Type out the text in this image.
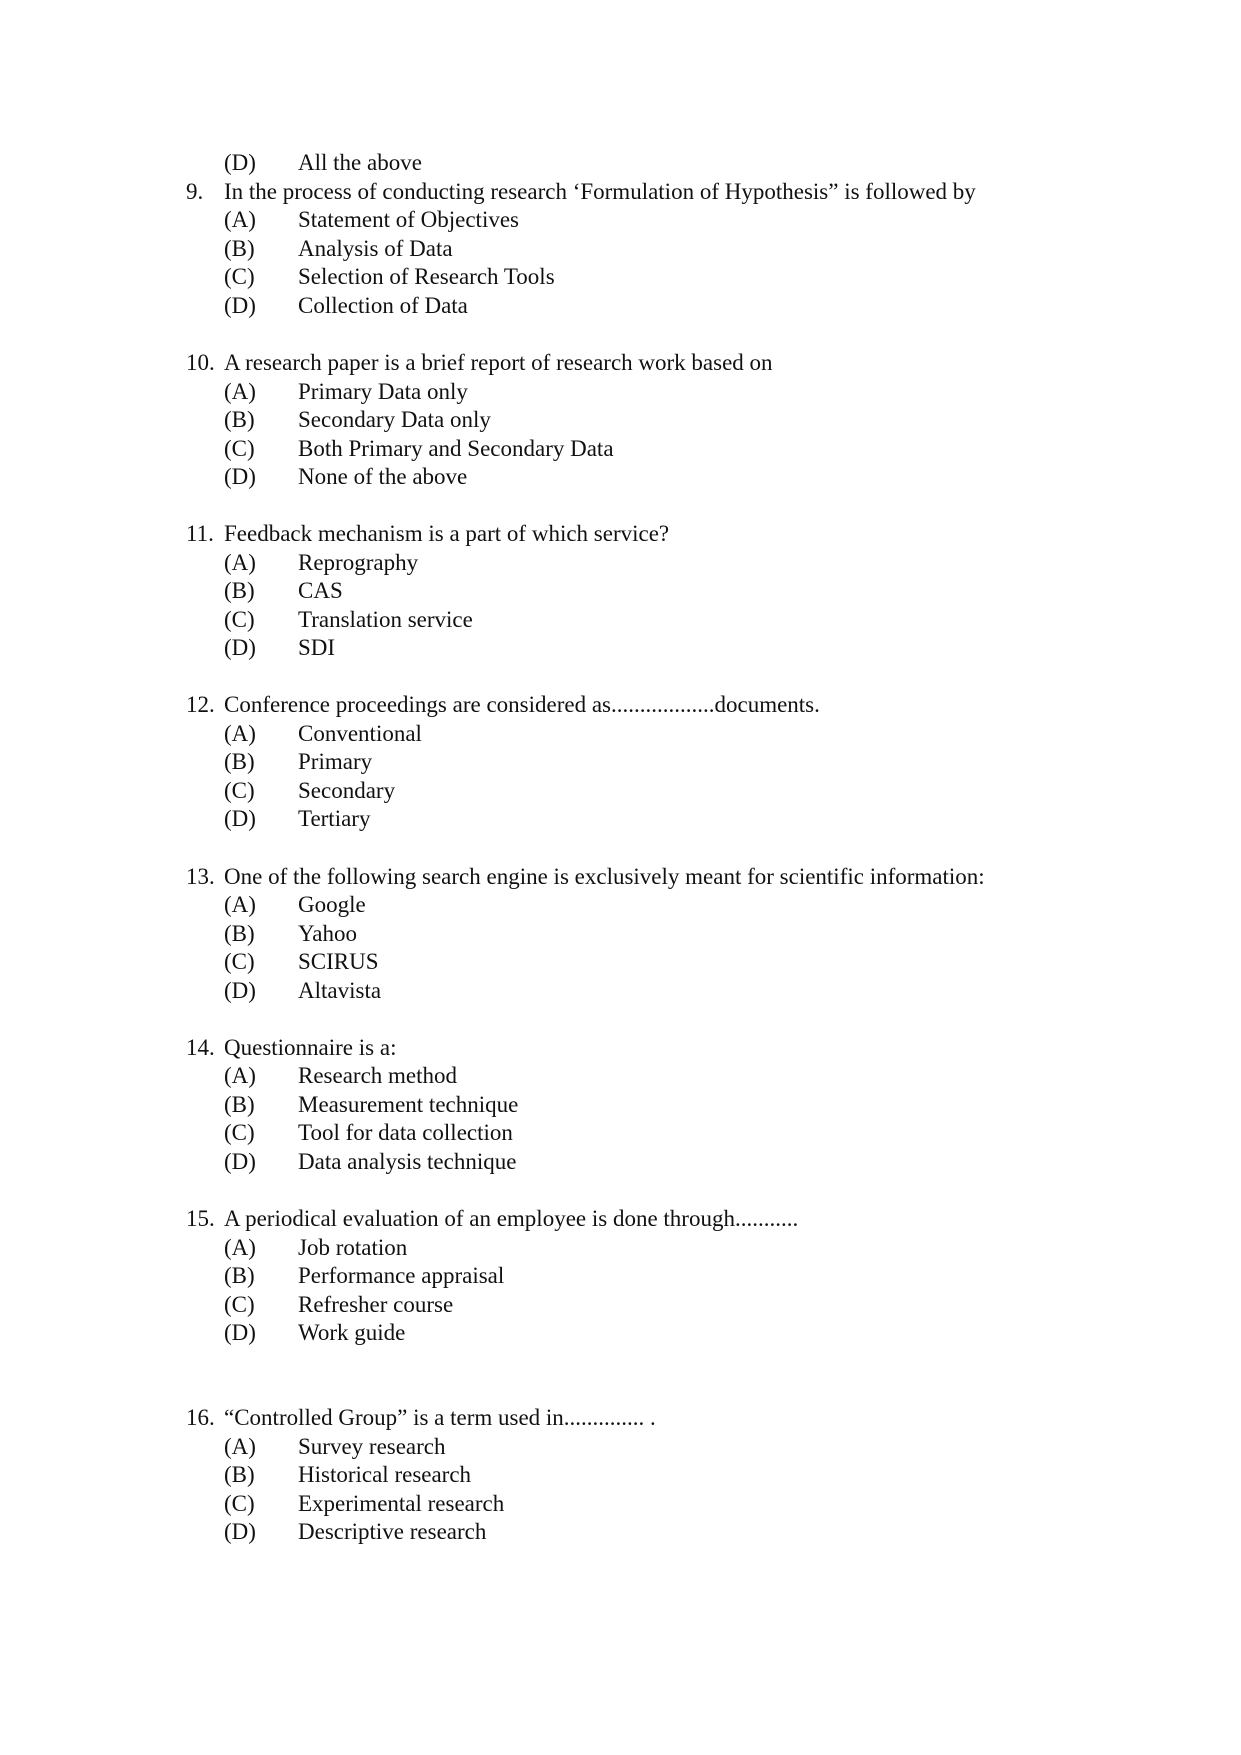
(D) All the above
9. In the process of conducting research ‘Formulation of Hypothesis” is followed by
(A) Statement of Objectives
(B) Analysis of Data
(C) Selection of Research Tools
(D) Collection of Data
10. A research paper is a brief report of research work based on
(A) Primary Data only
(B) Secondary Data only
(C) Both Primary and Secondary Data
(D) None of the above
11. Feedback mechanism is a part of which service?
(A) Reprography
(B) CAS
(C) Translation service
(D) SDI
12. Conference proceedings are considered as..................documents.
(A) Conventional
(B) Primary
(C) Secondary
(D) Tertiary
13. One of the following search engine is exclusively meant for scientific information:
(A) Google
(B) Yahoo
(C) SCIRUS
(D) Altavista
14. Questionnaire is a:
(A) Research method
(B) Measurement technique
(C) Tool for data collection
(D) Data analysis technique
15. A periodical evaluation of an employee is done through...........
(A) Job rotation
(B) Performance appraisal
(C) Refresher course
(D) Work guide
16. “Controlled Group” is a term used in.............. .
(A) Survey research
(B) Historical research
(C) Experimental research
(D) Descriptive research
